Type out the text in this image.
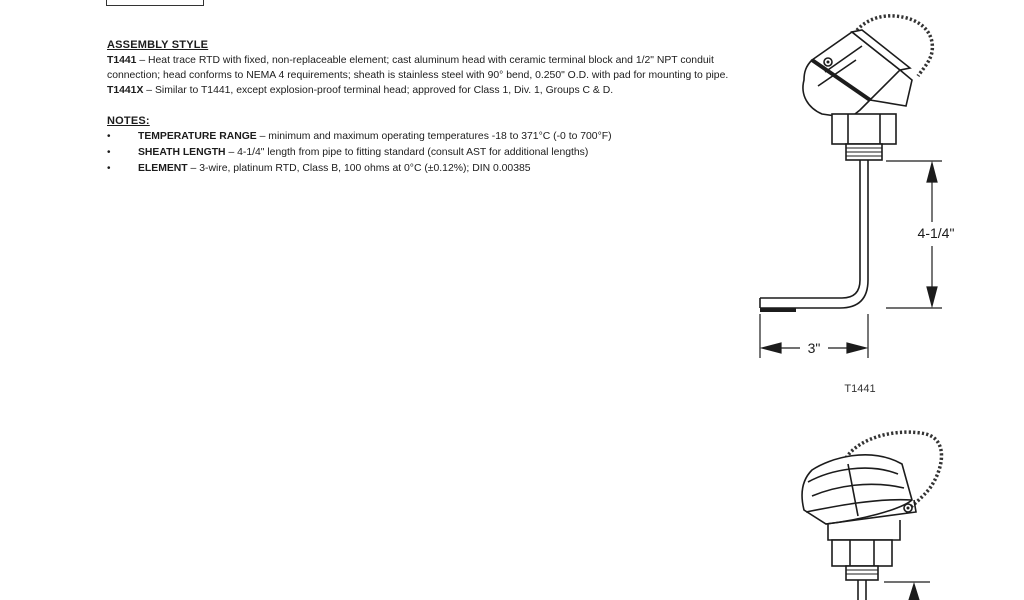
ASSEMBLY STYLE

T1441 – Heat trace RTD with fixed, non-replaceable element; cast aluminum head with ceramic terminal block and 1/2" NPT conduit connection; head conforms to NEMA 4 requirements; sheath is stainless steel with 90° bend, 0.250" O.D. with pad for mounting to pipe.

T1441X – Similar to T1441, except explosion-proof terminal head; approved for Class 1, Div. 1, Groups C & D.

NOTES:
• TEMPERATURE RANGE – minimum and maximum operating temperatures -18 to 371°C (-0 to 700°F)
• SHEATH LENGTH – 4-1/4" length from pipe to fitting standard (consult AST for additional lengths)
• ELEMENT – 3-wire, platinum RTD, Class B, 100 ohms at 0°C (±0.12%); DIN 0.00385
4-1/4"
3"
T1441
